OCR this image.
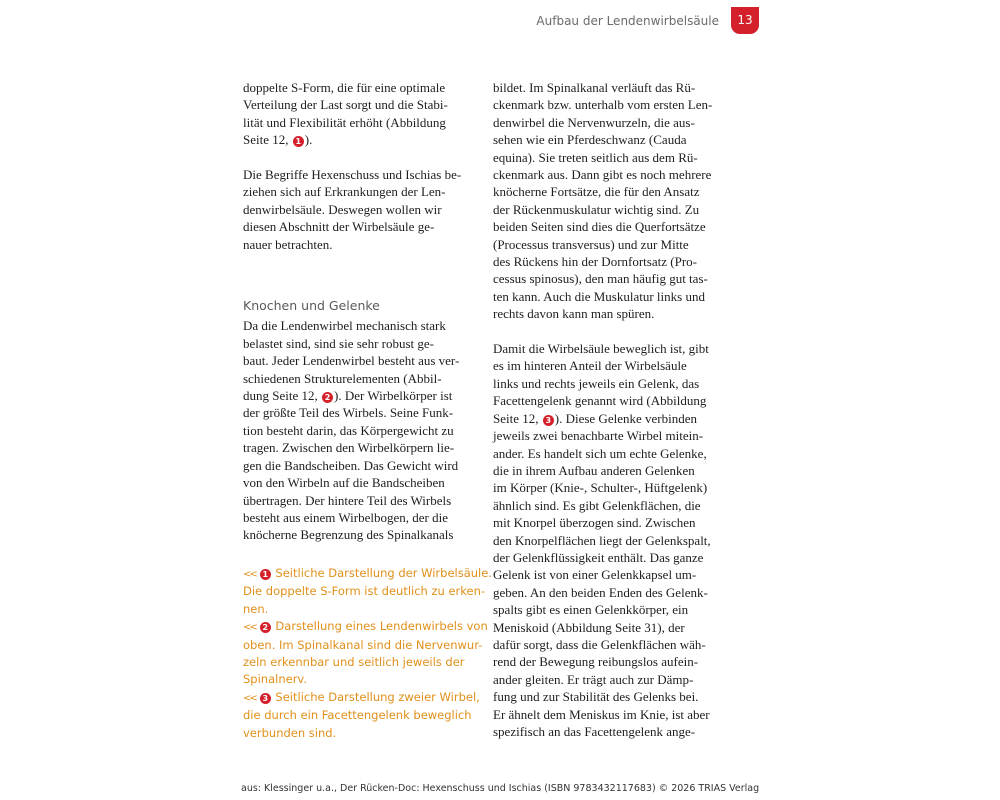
Aufbau der Lendenwirbelsäule	13

doppelte S-Form, die für eine optimale
Verteilung der Last sorgt und die Stabi-
lität und Flexibilität erhöht (Abbildung
Seite 12, 1 ).

Die Begriffe Hexenschuss und Ischias be-
ziehen sich auf Erkrankungen der Len-
denwirbelsäule. Deswegen wollen wir
diesen Abschnitt der Wirbelsäule ge-
nauer betrachten.

Knochen und Gelenke

Da die Lendenwirbel mechanisch stark
belastet sind, sind sie sehr robust ge-
baut. Jeder Lendenwirbel besteht aus ver-
schiedenen Strukturelementen (Abbil-
dung Seite 12, 2 ). Der Wirbelkörper ist
der größte Teil des Wirbels. Seine Funk-
tion besteht darin, das Körpergewicht zu
tragen. Zwischen den Wirbelkörpern lie-
gen die Bandscheiben. Das Gewicht wird
von den Wirbeln auf die Bandscheiben
übertragen. Der hintere Teil des Wirbels
besteht aus einem Wirbelbogen, der die
knöcherne Begrenzung des Spinalkanals

<< 1 Seitliche Darstellung der Wirbelsäule.
Die doppelte S-Form ist deutlich zu erken-
nen.
<< 2 Darstellung eines Lendenwirbels von
oben. Im Spinalkanal sind die Nervenwur-
zeln erkennbar und seitlich jeweils der
Spinalnerv.
<< 3 Seitliche Darstellung zweier Wirbel,
die durch ein Facettengelenk beweglich
verbunden sind.

bildet. Im Spinalkanal verläuft das Rü-
ckenmark bzw. unterhalb vom ersten Len-
denwirbel die Nervenwurzeln, die aus-
sehen wie ein Pferdeschwanz (Cauda
equina). Sie treten seitlich aus dem Rü-
ckenmark aus. Dann gibt es noch mehrere
knöcherne Fortsätze, die für den Ansatz
der Rückenmuskulatur wichtig sind. Zu
beiden Seiten sind dies die Querfortsätze
(Processus transversus) und zur Mitte
des Rückens hin der Dornfortsatz (Pro-
cessus spinosus), den man häufig gut tas-
ten kann. Auch die Muskulatur links und
rechts davon kann man spüren.

Damit die Wirbelsäule beweglich ist, gibt
es im hinteren Anteil der Wirbelsäule
links und rechts jeweils ein Gelenk, das
Facettengelenk genannt wird (Abbildung
Seite 12, 3 ). Diese Gelenke verbinden
jeweils zwei benachbarte Wirbel mitein-
ander. Es handelt sich um echte Gelenke,
die in ihrem Aufbau anderen Gelenken
im Körper (Knie-, Schulter-, Hüftgelenk)
ähnlich sind. Es gibt Gelenkflächen, die
mit Knorpel überzogen sind. Zwischen
den Knorpelflächen liegt der Gelenkspalt,
der Gelenkflüssigkeit enthält. Das ganze
Gelenk ist von einer Gelenkkapsel um-
geben. An den beiden Enden des Gelenk-
spalts gibt es einen Gelenkkörper, ein
Meniskoid (Abbildung Seite 31), der
dafür sorgt, dass die Gelenkflächen wäh-
rend der Bewegung reibungslos aufein-
ander gleiten. Er trägt auch zur Dämp-
fung und zur Stabilität des Gelenks bei.
Er ähnelt dem Meniskus im Knie, ist aber
spezifisch an das Facettengelenk ange-

aus: Klessinger u.a., Der Rücken-Doc: Hexenschuss und Ischias (ISBN 9783432117683) © 2026 TRIAS Verlag
